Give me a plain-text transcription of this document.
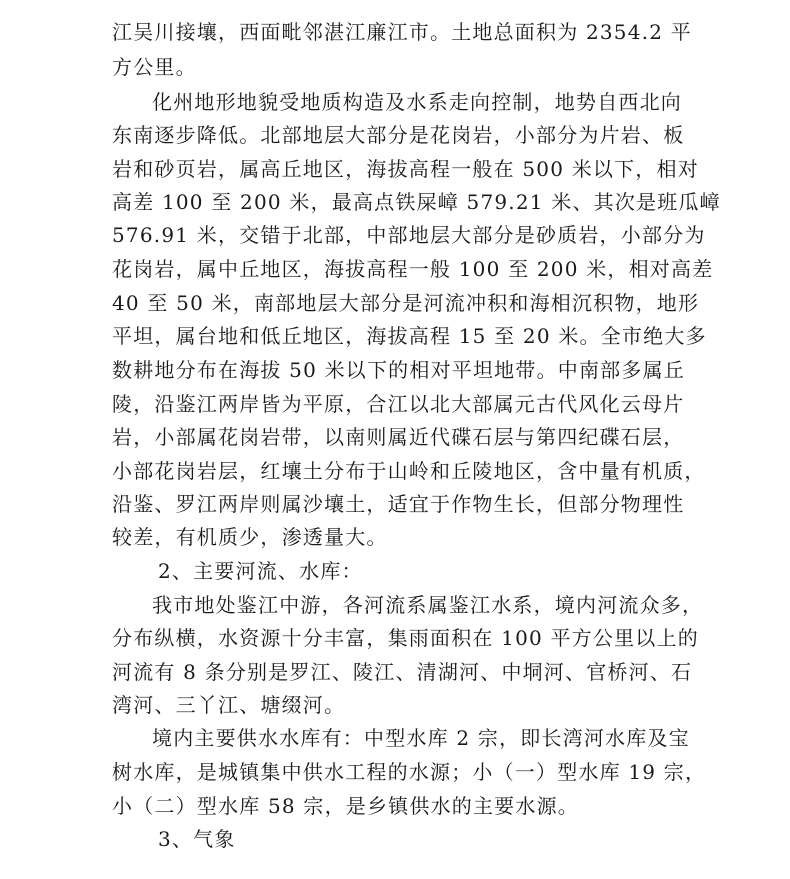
江吴川接壤，西面毗邻湛江廉江市。土地总面积为 2354.2 平
方公里。
化州地形地貌受地质构造及水系走向控制，地势自西北向
东南逐步降低。北部地层大部分是花岗岩，小部分为片岩、板
岩和砂页岩，属高丘地区，海拔高程一般在 500 米以下，相对
高差 100 至 200 米，最高点铁屎嶂 579.21 米、其次是班瓜嶂
576.91 米，交错于北部，中部地层大部分是砂质岩，小部分为
花岗岩，属中丘地区，海拔高程一般 100 至 200 米，相对高差
40 至 50 米，南部地层大部分是河流冲积和海相沉积物，地形
平坦，属台地和低丘地区，海拔高程 15 至 20 米。全市绝大多
数耕地分布在海拔 50 米以下的相对平坦地带。中南部多属丘
陵，沿鉴江两岸皆为平原，合江以北大部属元古代风化云母片
岩，小部属花岗岩带，以南则属近代碟石层与第四纪碟石层，
小部花岗岩层，红壤土分布于山岭和丘陵地区，含中量有机质，
沿鉴、罗江两岸则属沙壤土，适宜于作物生长，但部分物理性
较差，有机质少，渗透量大。
2、主要河流、水库：
我市地处鉴江中游，各河流系属鉴江水系，境内河流众多，
分布纵横，水资源十分丰富，集雨面积在 100 平方公里以上的
河流有 8 条分别是罗江、陵江、清湖河、中垌河、官桥河、石
湾河、三丫江、塘缀河。
境内主要供水水库有：中型水库 2 宗，即长湾河水库及宝
树水库，是城镇集中供水工程的水源；小（一）型水库 19 宗，
小（二）型水库 58 宗，是乡镇供水的主要水源。
3、气象
